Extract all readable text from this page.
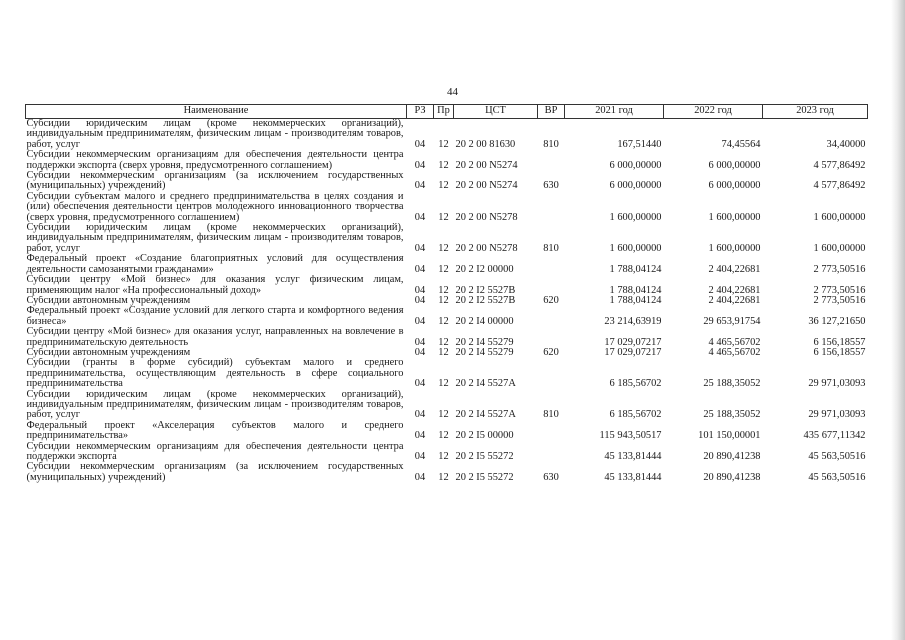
44
Наименование	РЗ	Пр	ЦСТ	ВР	2021 год	2022 год	2023 год
Субсидии юридическим лицам (кроме некоммерческих организаций), индивидуальным предпринимателям, физическим лицам - производителям товаров, работ, услуг	04	12	20 2 00 81630	810	167,51440	74,45564	34,40000
Субсидии некоммерческим организациям для обеспечения деятельности центра поддержки экспорта (сверх уровня, предусмотренного соглашением)	04	12	20 2 00 N5274		6 000,00000	6 000,00000	4 577,86492
Субсидии некоммерческим организациям (за исключением государственных (муниципальных) учреждений)	04	12	20 2 00 N5274	630	6 000,00000	6 000,00000	4 577,86492
Субсидии субъектам малого и среднего предпринимательства в целях создания и (или) обеспечения деятельности центров молодежного инновационного творчества (сверх уровня, предусмотренного соглашением)	04	12	20 2 00 N5278		1 600,00000	1 600,00000	1 600,00000
Субсидии юридическим лицам (кроме некоммерческих организаций), индивидуальным предпринимателям, физическим лицам - производителям товаров, работ, услуг	04	12	20 2 00 N5278	810	1 600,00000	1 600,00000	1 600,00000
Федеральный проект «Создание благоприятных условий для осуществления деятельности самозанятыми гражданами»	04	12	20 2 I2 00000		1 788,04124	2 404,22681	2 773,50516
Субсидии центру «Мой бизнес» для оказания услуг физическим лицам, применяющим налог «На профессиональный доход»	04	12	20 2 I2 5527B		1 788,04124	2 404,22681	2 773,50516
Субсидии автономным учреждениям	04	12	20 2 I2 5527B	620	1 788,04124	2 404,22681	2 773,50516
Федеральный проект «Создание условий для легкого старта и комфортного ведения бизнеса»	04	12	20 2 I4 00000		23 214,63919	29 653,91754	36 127,21650
Субсидии центру «Мой бизнес» для оказания услуг, направленных на вовлечение в предпринимательскую деятельность	04	12	20 2 I4 55279		17 029,07217	4 465,56702	6 156,18557
Субсидии автономным учреждениям	04	12	20 2 I4 55279	620	17 029,07217	4 465,56702	6 156,18557
Субсидии (гранты в форме субсидий) субъектам малого и среднего предпринимательства, осуществляющим деятельность в сфере социального предпринимательства	04	12	20 2 I4 5527A		6 185,56702	25 188,35052	29 971,03093
Субсидии юридическим лицам (кроме некоммерческих организаций), индивидуальным предпринимателям, физическим лицам - производителям товаров, работ, услуг	04	12	20 2 I4 5527A	810	6 185,56702	25 188,35052	29 971,03093
Федеральный проект «Акселерация субъектов малого и среднего предпринимательства»	04	12	20 2 I5 00000		115 943,50517	101 150,00001	435 677,11342
Субсидии некоммерческим организациям для обеспечения деятельности центра поддержки экспорта	04	12	20 2 I5 55272		45 133,81444	20 890,41238	45 563,50516
Субсидии некоммерческим организациям (за исключением государственных (муниципальных) учреждений)	04	12	20 2 I5 55272	630	45 133,81444	20 890,41238	45 563,50516
